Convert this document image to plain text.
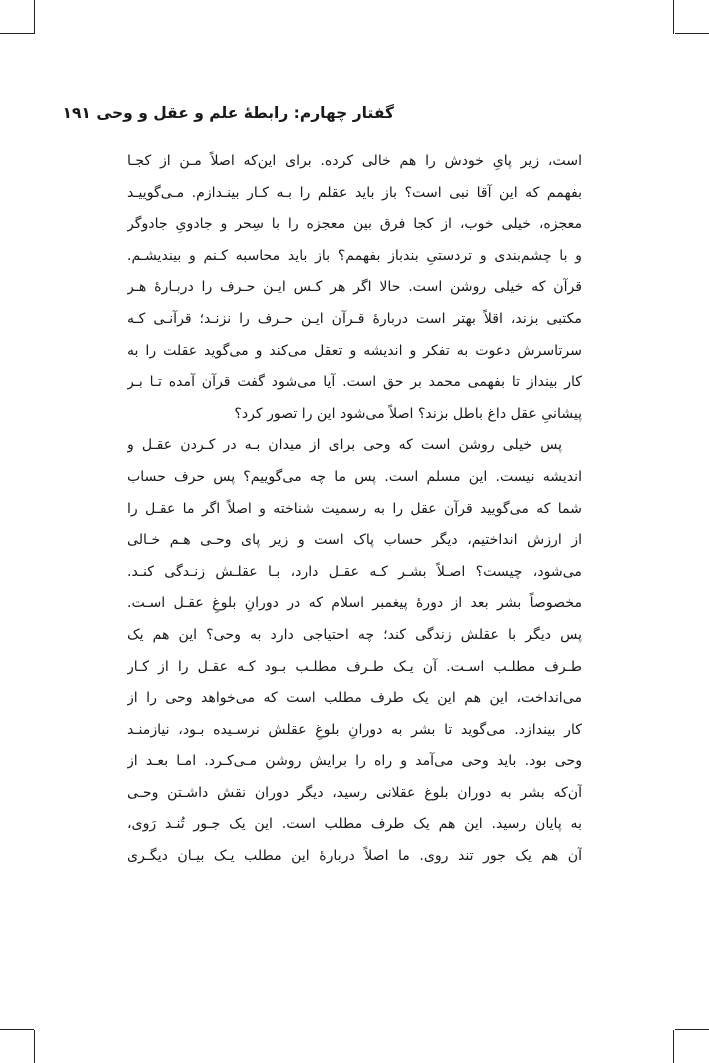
گفتار چهارم: رابطهٔ علم و عقل و وحی ۱۹۱
است، زیر پایِ خودش را هم خالی کرده. برای این‌که اصلاً مـن از کجـا
بفهمم که این آقا نبی است؟ باز باید عقلم را بـه کـار بینـدازم. مـی‌گوییـد
معجزه، خیلی خوب، از کجا فرق بین معجزه را با سِحر و جادویِ جادوگر
و با چشم‌بندی و تردستیِ بندباز بفهمم؟ باز باید محاسبه کـنم و بیندیشـم.
قرآن که خیلی روشن است. حالا اگر هر کـس ایـن حـرف را دربـارهٔ هـر
مکتبی بزند، اقلاً بهتر است دربارهٔ قـرآن ایـن حـرف را نزنـد؛ قرآنـی کـه
سرتاسرش دعوت به تفکر و اندیشه و تعقل می‌کند و می‌گوید عقلت را به
کار بینداز تا بفهمی محمد بر حق است. آیا می‌شود گفت قرآن آمده تـا بـر
پیشانیِ عقل داغ باطل بزند؟ اصلاً می‌شود این را تصور کرد؟
پس خیلی روشن است که وحی برای از میدان بـه در کـردن عقـل و
اندیشه نیست. این مسلم است. پس ما چه می‌گوییم؟ پس حرف حساب
شما که می‌گویید قرآن عقل را به رسمیت شناخته و اصلاً اگر ما عقـل را
از ارزش انداختیم، دیگر حساب پاک است و زیر پای وحـی هـم خـالی
می‌شود، چیست؟ اصـلاً بشـر کـه عقـل دارد، بـا عقلـش زنـدگی کنـد.
مخصوصاً بشر بعد از دورهٔ پیغمبر اسلام که در دورانِ بلوغِ عقـل اسـت.
پس دیگر با عقلش زندگی کند؛ چه احتیاجی دارد به وحی؟ این هم یک
طـرف مطلـب اسـت. آن یـک طـرف مطلـب بـود کـه عقـل را از کـار
می‌انداخت، این هم این یک طرف مطلب است که می‌خواهد وحی را از
کار بیندازد. می‌گوید تا بشر به دورانِ بلوغِ عقلش نرسـیده بـود، نیازمنـد
وحی بود. باید وحی می‌آمد و راه را برایش روشن مـی‌کـرد. امـا بعـد از
آن‌که بشر به دوران بلوغ عقلانی رسید، دیگر دوران نقش داشـتن وحـی
به پایان رسید. این هم یک طرف مطلب است. این یک جـور تُنـد رَوی،
آن هم یک جور تند روی. ما اصلاً دربارهٔ این مطلب یـک بیـان دیگـری
